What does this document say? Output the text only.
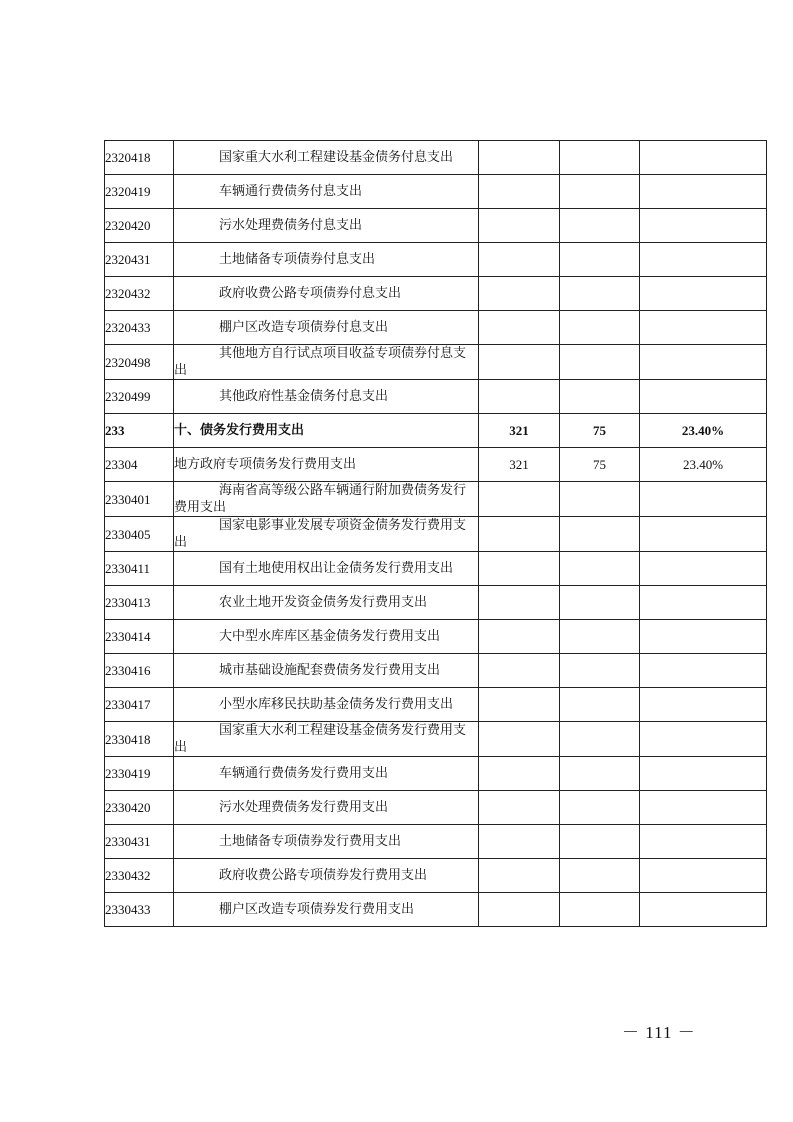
2320418	国家重大水利工程建设基金债务付息支出			

2320419	车辆通行费债务付息支出			

2320420	污水处理费债务付息支出			

2320431	土地储备专项债券付息支出			

2320432	政府收费公路专项债券付息支出			

2320433	棚户区改造专项债券付息支出			

2320498	其他地方自行试点项目收益专项债券付息支出			

2320499	其他政府性基金债务付息支出			

233	十、债务发行费用支出	321	75	23.40%
23304	地方政府专项债务发行费用支出	321	75	23.40%
2330401	海南省高等级公路车辆通行附加费债务发行费用支出			

2330405	国家电影事业发展专项资金债务发行费用支出			

2330411	国有土地使用权出让金债务发行费用支出			

2330413	农业土地开发资金债务发行费用支出			

2330414	大中型水库库区基金债务发行费用支出			

2330416	城市基础设施配套费债务发行费用支出			

2330417	小型水库移民扶助基金债务发行费用支出			

2330418	国家重大水利工程建设基金债务发行费用支出			

2330419	车辆通行费债务发行费用支出			

2330420	污水处理费债务发行费用支出			

2330431	土地储备专项债券发行费用支出			

2330432	政府收费公路专项债券发行费用支出			

2330433	棚户区改造专项债券发行费用支出			

－ 111 －
